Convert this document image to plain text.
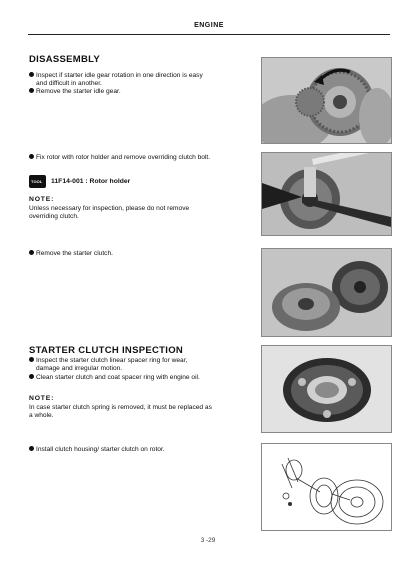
ENGINE
DISASSEMBLY
Inspect if starter idle gear rotation in one direction is easy
and difficult in another.
Remove the starter idle gear.
Fix rotor with rotor holder and remove overriding clutch bolt.
TOOL 11F14-001 : Rotor holder
NOTE:
Unless necessary for inspection, please do not remove
overriding clutch.
Remove the starter clutch.
STARTER CLUTCH INSPECTION
Inspect the starter clutch linear spacer ring for wear,
damage and irregular motion.
Clean starter clutch and coat spacer ring with engine oil.
NOTE:
In case starter clutch spring is removed, it must be replaced as
a whole.
Install clutch housing/ starter clutch on rotor.
3 -29
